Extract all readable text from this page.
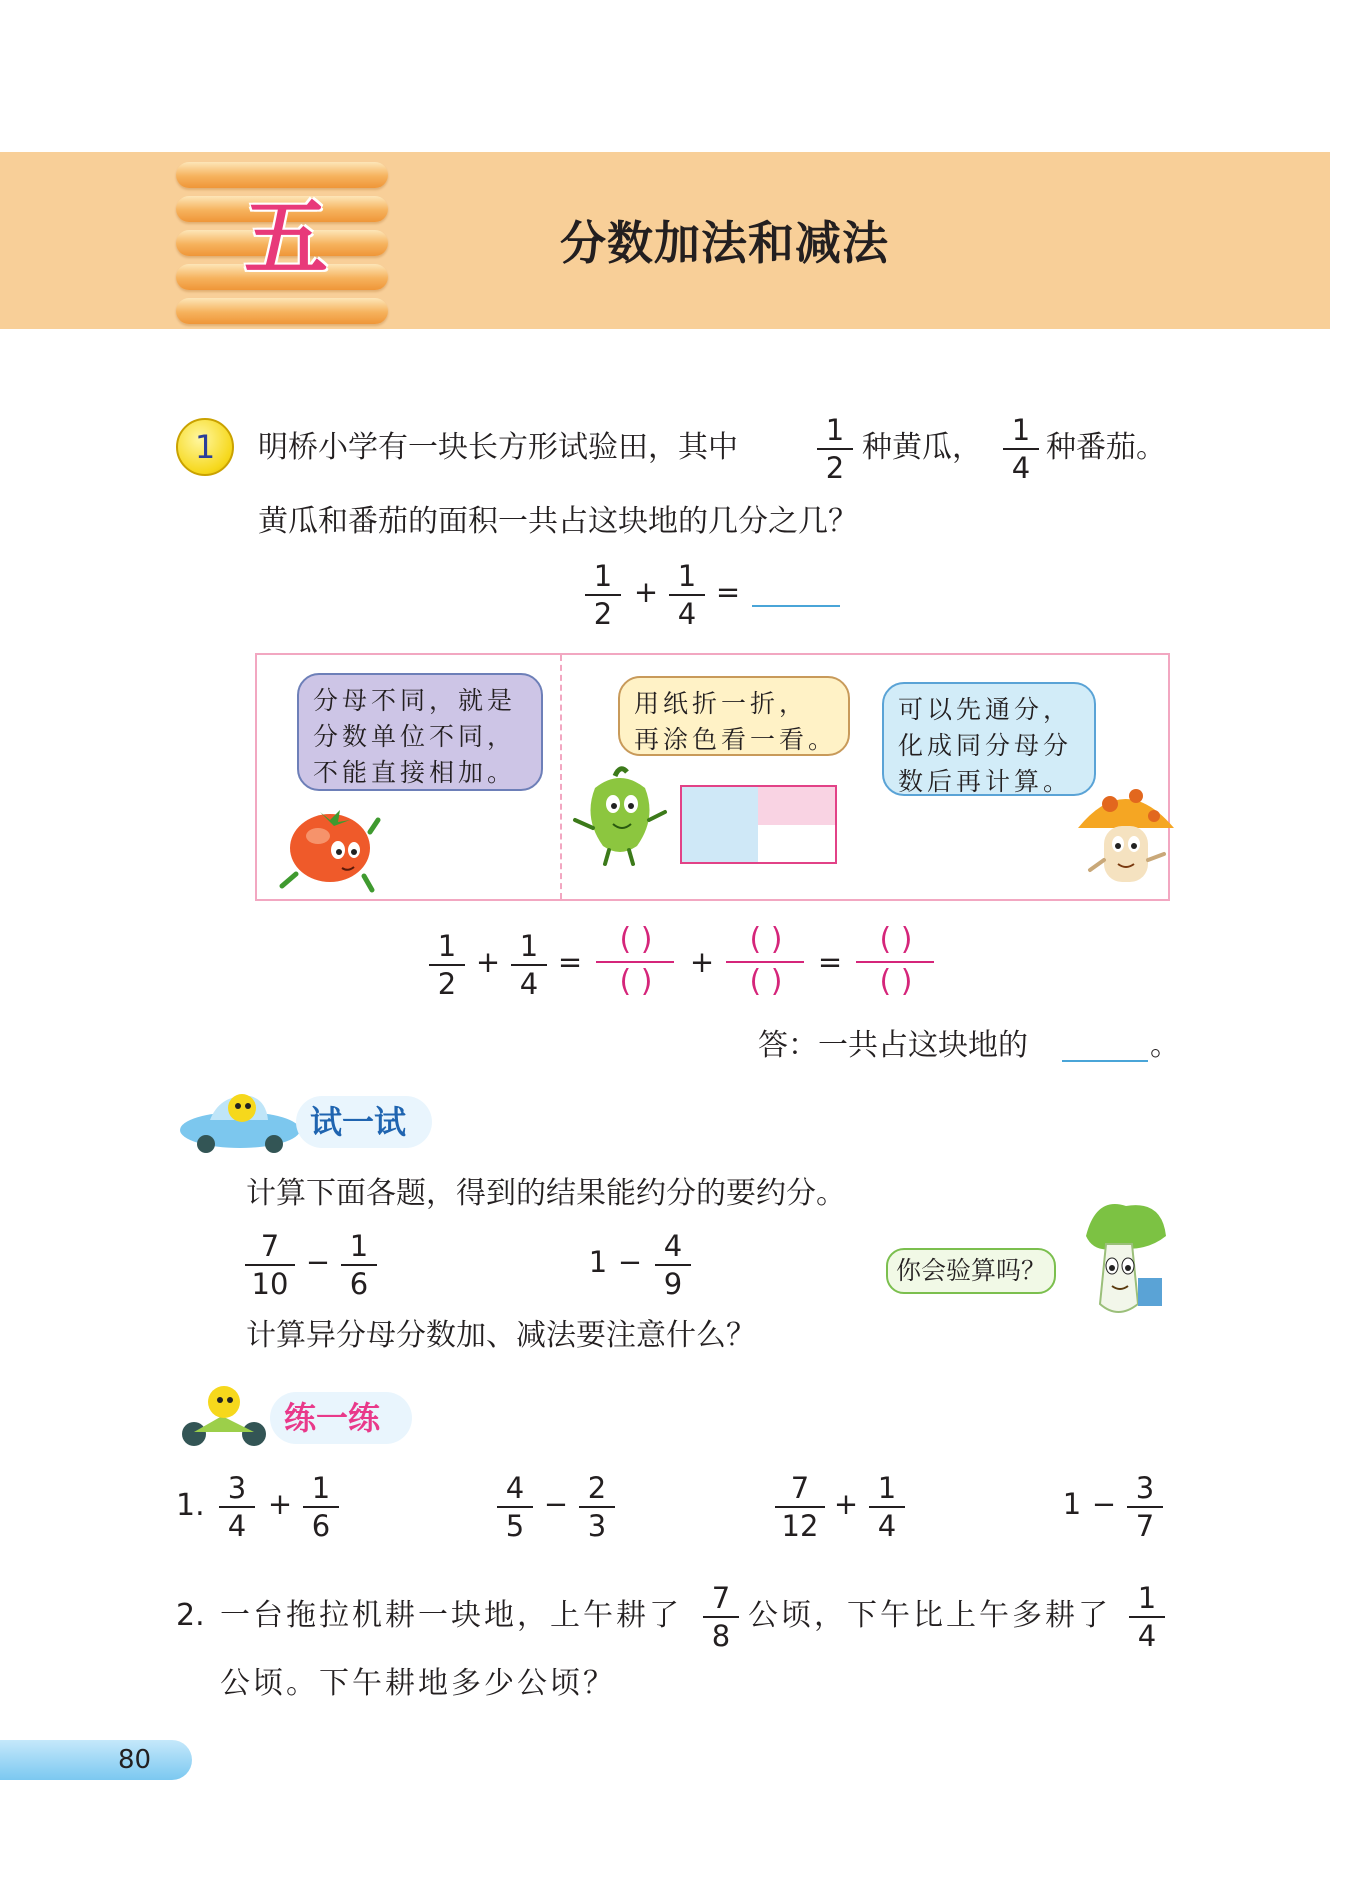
五	分数加法和减法
1	明桥小学有一块长方形试验田，其中	1
2
种黄瓜，	1
4
种番茄。
黄瓜和番茄的面积一共占这块地的几分之几？
1
2
+ 1
4
=
分母不同，就是
分数单位不同，
不能直接相加。
用纸折一折，
再涂色看一看。
可以先通分，
化成同分母分
数后再计算。
1
2
+ 1
4
=
( )
( )
+
( )
( )
=
( )
( )
答：一共占这块地的	。
试一试
计算下面各题，得到的结果能约分的要约分。
7
10
− 1
6
1 − 4
9	你会验算吗？
计算异分母分数加、减法要注意什么？
练一练
1. 3
4
+ 1
6
4
5
− 2
3
7
12
+ 1
4
1 − 3
7
2. 一台拖拉机耕一块地，上午耕了	7
8
公顷，下午比上午多耕了 1
4
公顷。下午耕地多少公顷？
80
